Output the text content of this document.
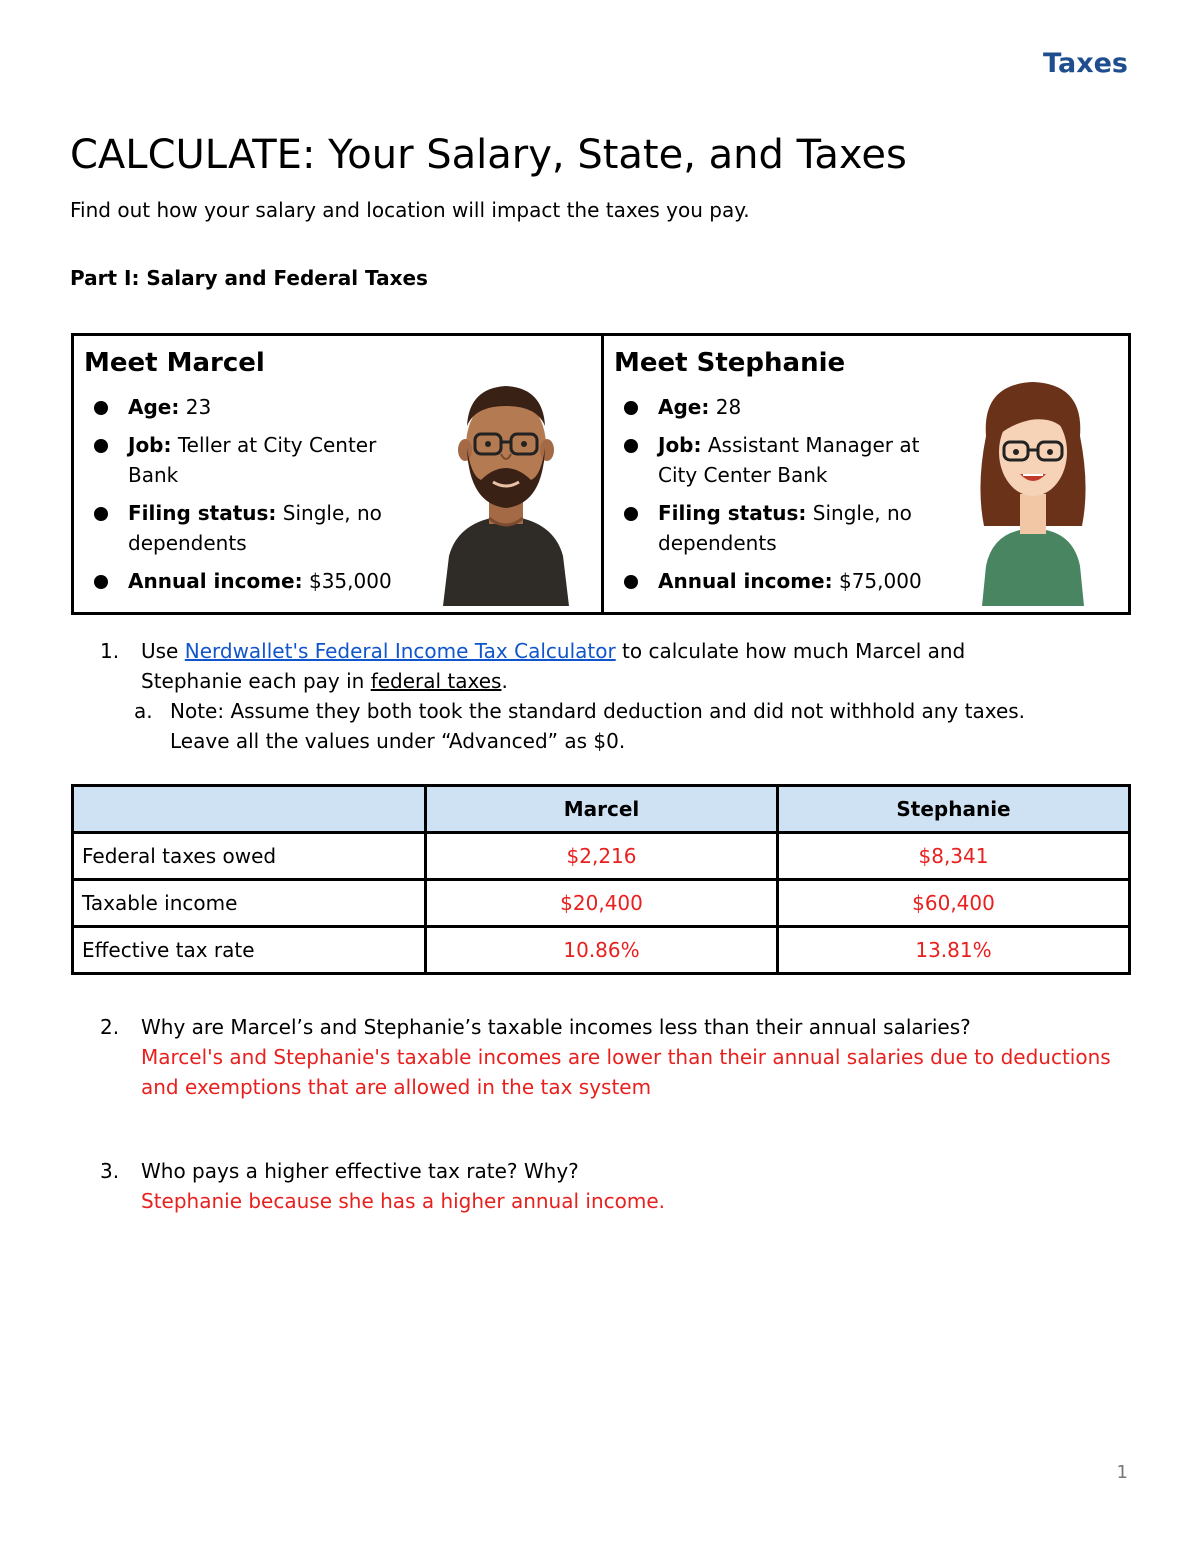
Taxes
CALCULATE: Your Salary, State, and Taxes

Find out how your salary and location will impact the taxes you pay.

Part I: Salary and Federal Taxes
Meet Marcel
Age: 23
Job: Teller at City Center Bank
Filing status: Single, no dependents
Annual income: $35,000
Meet Stephanie
Age: 28
Job: Assistant Manager at City Center Bank
Filing status: Single, no dependents
Annual income: $75,000
1. Use Nerdwallet's Federal Income Tax Calculator to calculate how much Marcel and Stephanie each pay in federal taxes.
a. Note: Assume they both took the standard deduction and did not withhold any taxes. Leave all the values under “Advanced” as $0.
	Marcel	Stephanie
Federal taxes owed	$2,216	$8,341
Taxable income	$20,400	$60,400
Effective tax rate	10.86%	13.81%
2. Why are Marcel’s and Stephanie’s taxable incomes less than their annual salaries?
Marcel's and Stephanie's taxable incomes are lower than their annual salaries due to deductions and exemptions that are allowed in the tax system
3. Who pays a higher effective tax rate? Why?
Stephanie because she has a higher annual income.
1
